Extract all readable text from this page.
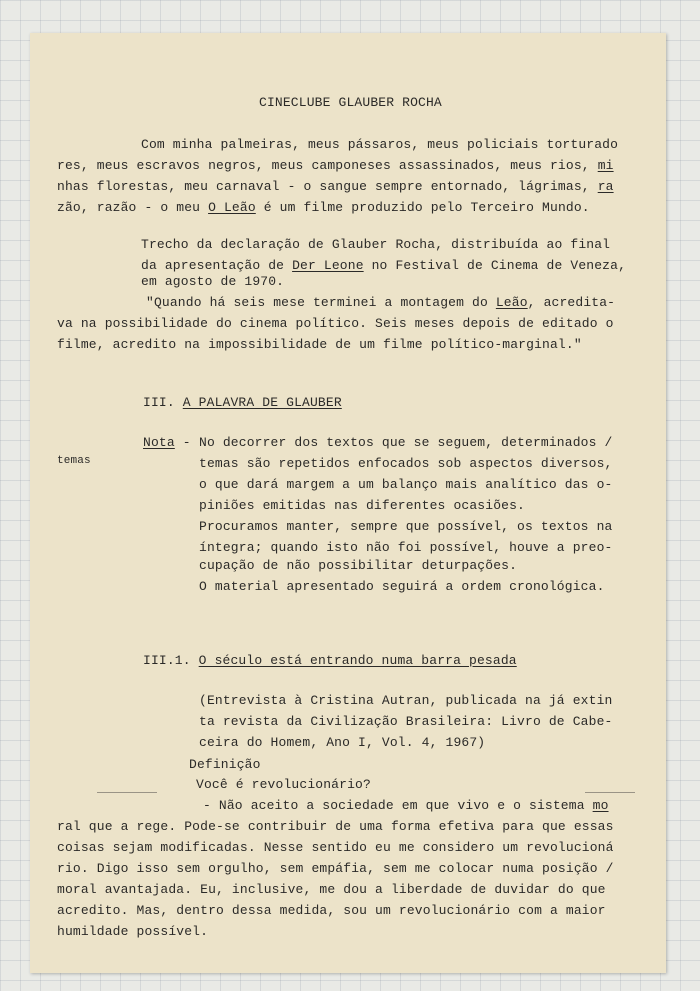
CINECLUBE GLAUBER ROCHA
Com minha palmeiras, meus pássaros, meus policiais torturado
res, meus escravos negros, meus camponeses assassinados, meus rios, mi
nhas florestas, meu carnaval - o sangue sempre entornado, lágrimas, ra
zão, razão - o meu O Leão é um filme produzido pelo Terceiro Mundo.
Trecho da declaração de Glauber Rocha, distribuída ao final
da apresentação de Der Leone no Festival de Cinema de Veneza,
em agosto de 1970.
"Quando há seis mese terminei a montagem do Leão, acredita-
va na possibilidade do cinema político. Seis meses depois de editado o
filme, acredito na impossibilidade de um filme político-marginal."
III. A PALAVRA DE GLAUBER
Nota -
temas
No decorrer dos textos que se seguem, determinados /
temas são repetidos enfocados sob aspectos diversos,
o que dará margem a um balanço mais analítico das o-
piniões emitidas nas diferentes ocasiões.
Procuramos manter, sempre que possível, os textos na
íntegra; quando isto não foi possível, houve a preo-
cupação de não possibilitar deturpações.
O material apresentado seguirá a ordem cronológica.
III.1. O século está entrando numa barra pesada
(Entrevista à Cristina Autran, publicada na já extin
ta revista da Civilização Brasileira: Livro de Cabe-
ceira do Homem, Ano I, Vol. 4, 1967)
Definição
Você é revolucionário?
- Não aceito a sociedade em que vivo e o sistema mo
ral que a rege. Pode-se contribuir de uma forma efetiva para que essas
coisas sejam modificadas. Nesse sentido eu me considero um revolucioná
rio. Digo isso sem orgulho, sem empáfia, sem me colocar numa posição /
moral avantajada. Eu, inclusive, me dou a liberdade de duvidar do que
acredito. Mas, dentro dessa medida, sou um revolucionário com a maior
humildade possível.
